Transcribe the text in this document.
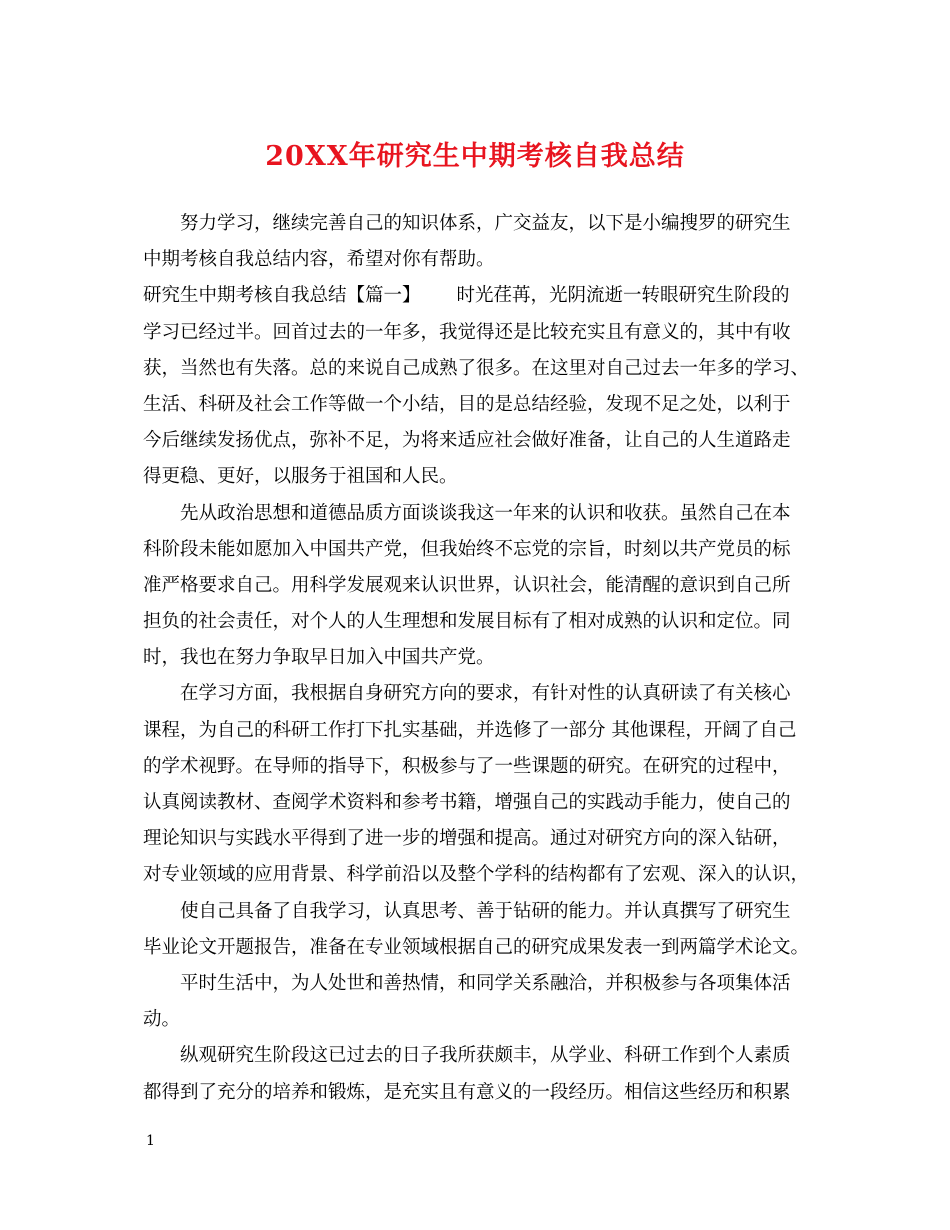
20XX年研究生中期考核自我总结
努力学习，继续完善自己的知识体系，广交益友，以下是小编搜罗的研究生
中期考核自我总结内容，希望对你有帮助。
研究生中期考核自我总结【篇一】 时光荏苒，光阴流逝一转眼研究生阶段的
学习已经过半。回首过去的一年多，我觉得还是比较充实且有意义的，其中有收
获，当然也有失落。总的来说自己成熟了很多。在这里对自己过去一年多的学习、
生活、科研及社会工作等做一个小结，目的是总结经验，发现不足之处，以利于
今后继续发扬优点，弥补不足，为将来适应社会做好准备，让自己的人生道路走
得更稳、更好，以服务于祖国和人民。
先从政治思想和道德品质方面谈谈我这一年来的认识和收获。虽然自己在本
科阶段未能如愿加入中国共产党，但我始终不忘党的宗旨，时刻以共产党员的标
准严格要求自己。用科学发展观来认识世界，认识社会，能清醒的意识到自己所
担负的社会责任，对个人的人生理想和发展目标有了相对成熟的认识和定位。同
时，我也在努力争取早日加入中国共产党。
在学习方面，我根据自身研究方向的要求，有针对性的认真研读了有关核心
课程，为自己的科研工作打下扎实基础，并选修了一部分 其他课程，开阔了自己
的学术视野。在导师的指导下，积极参与了一些课题的研究。在研究的过程中，
认真阅读教材、查阅学术资料和参考书籍，增强自己的实践动手能力，使自己的
理论知识与实践水平得到了进一步的增强和提高。通过对研究方向的深入钻研，
对专业领域的应用背景、科学前沿以及整个学科的结构都有了宏观、深入的认识，
使自己具备了自我学习，认真思考、善于钻研的能力。并认真撰写了研究生
毕业论文开题报告，准备在专业领域根据自己的研究成果发表一到两篇学术论文。
平时生活中，为人处世和善热情，和同学关系融洽，并积极参与各项集体活
动。
纵观研究生阶段这已过去的日子我所获颇丰，从学业、科研工作到个人素质
都得到了充分的培养和锻炼，是充实且有意义的一段经历。相信这些经历和积累
1
